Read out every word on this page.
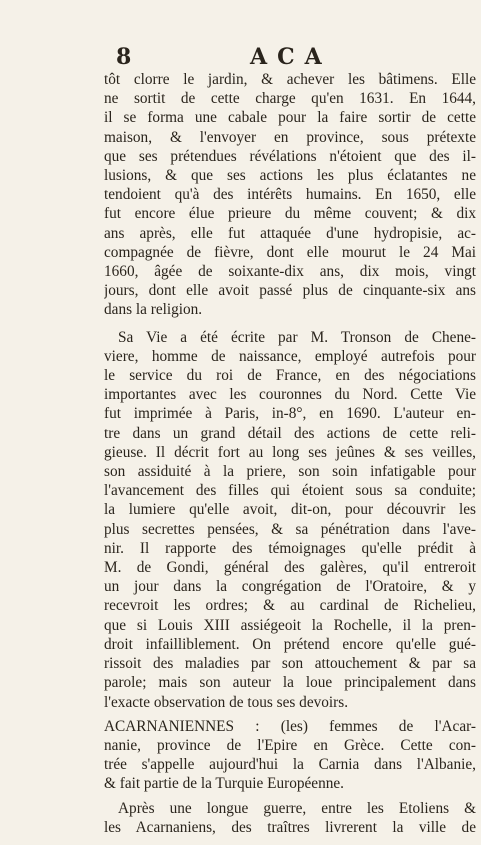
8	ACA
tôt clorre le jardin, & achever les bâtimens. Elle
ne sortit de cette charge qu'en 1631. En 1644,
il se forma une cabale pour la faire sortir de cette
maison, & l'envoyer en province, sous prétexte
que ses prétendues révélations n'étoient que des il-
lusions, & que ses actions les plus éclatantes ne
tendoient qu'à des intérêts humains. En 1650, elle
fut encore élue prieure du même couvent; & dix
ans après, elle fut attaquée d'une hydropisie, ac-
compagnée de fièvre, dont elle mourut le 24 Mai
1660, âgée de soixante-dix ans, dix mois, vingt
jours, dont elle avoit passé plus de cinquante-six ans
dans la religion.
Sa Vie a été écrite par M. Tronson de Chene-
viere, homme de naissance, employé autrefois pour
le service du roi de France, en des négociations
importantes avec les couronnes du Nord. Cette Vie
fut imprimée à Paris, in-8°, en 1690. L'auteur en-
tre dans un grand détail des actions de cette reli-
gieuse. Il décrit fort au long ses jeûnes & ses veilles,
son assiduité à la priere, son soin infatigable pour
l'avancement des filles qui étoient sous sa conduite;
la lumiere qu'elle avoit, dit-on, pour découvrir les
plus secrettes pensées, & sa pénétration dans l'ave-
nir. Il rapporte des témoignages qu'elle prédit à
M. de Gondi, général des galères, qu'il entreroit
un jour dans la congrégation de l'Oratoire, & y
recevroit les ordres; & au cardinal de Richelieu,
que si Louis XIII assiégeoit la Rochelle, il la pren-
droit infailliblement. On prétend encore qu'elle gué-
rissoit des maladies par son attouchement & par sa
parole; mais son auteur la loue principalement dans
l'exacte observation de tous ses devoirs.
ACARNANIENNES : (les) femmes de l'Acar-
nanie, province de l'Epire en Grèce. Cette con-
trée s'appelle aujourd'hui la Carnia dans l'Albanie,
& fait partie de la Turquie Européenne.
Après une longue guerre, entre les Etoliens &
les Acarnaniens, des traîtres livrerent la ville de
